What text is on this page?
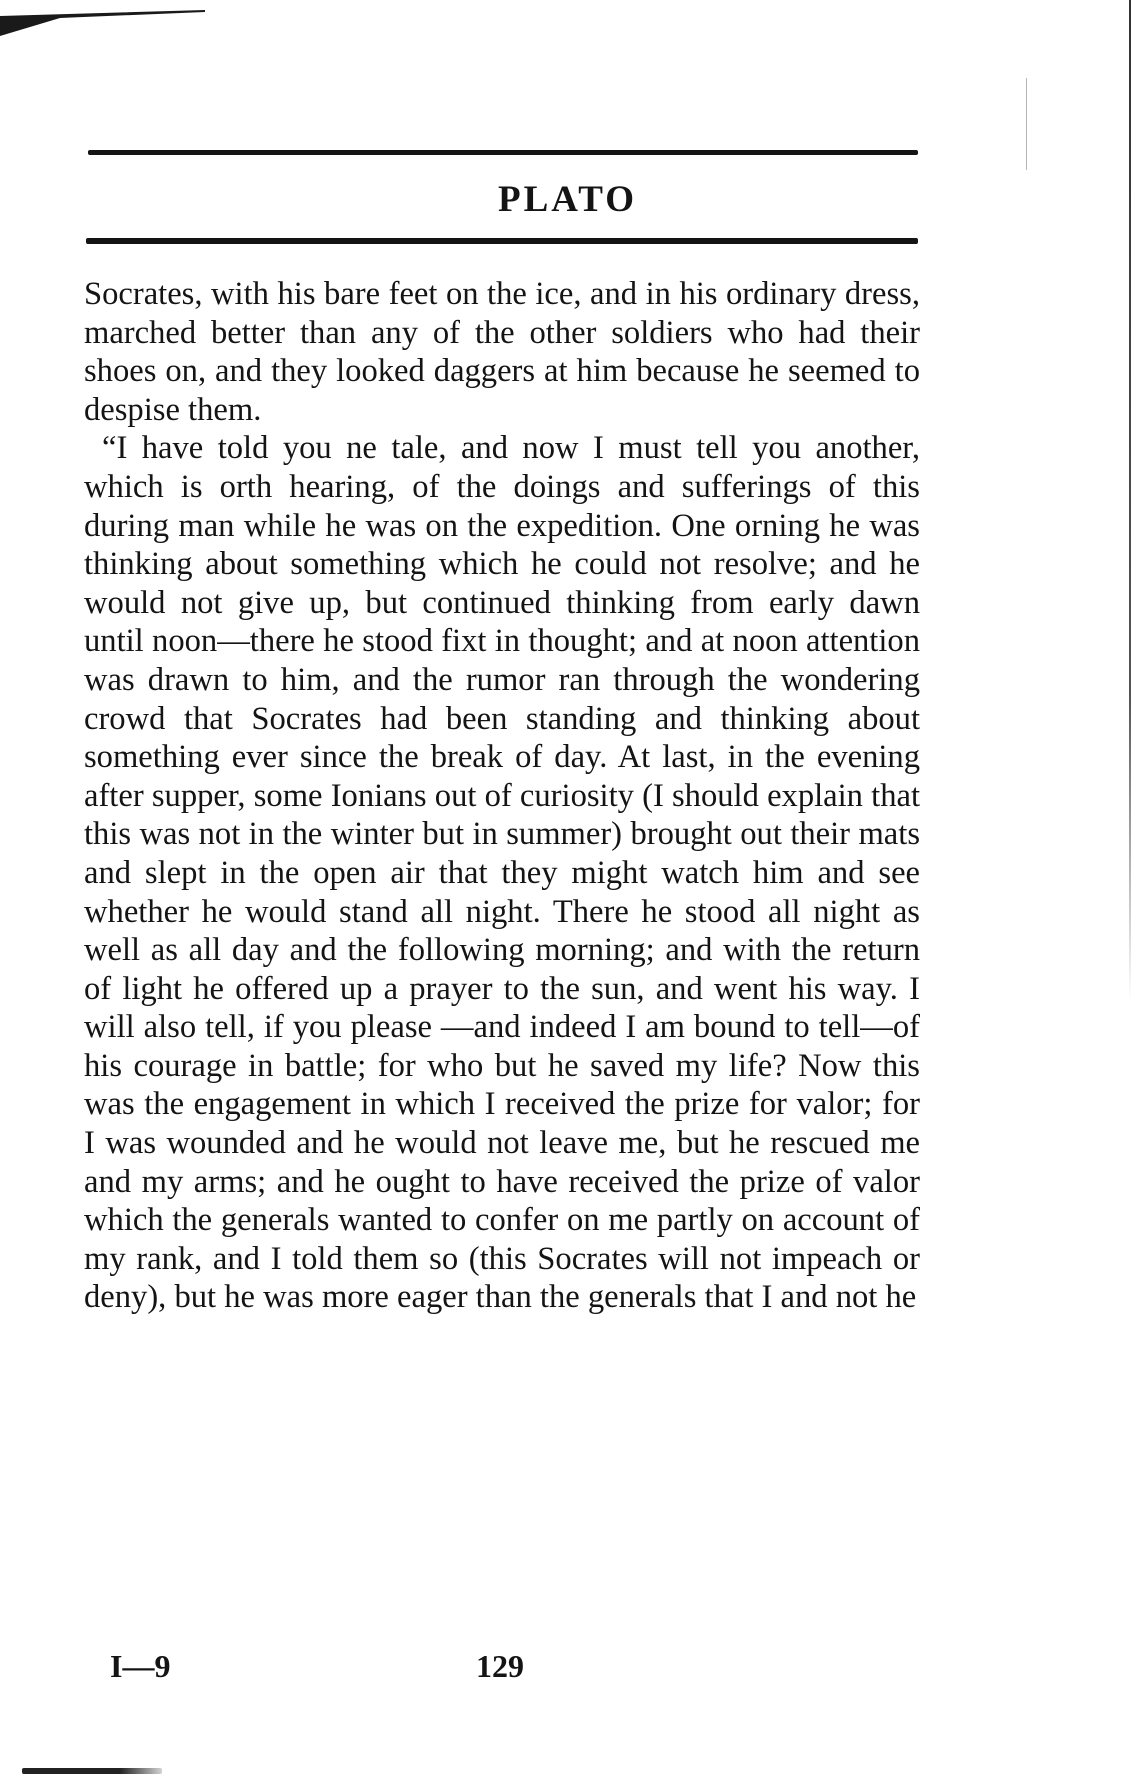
PLATO

Socrates, with his bare feet on the ice, and in his ordinary dress, marched better than any of the other soldiers who had their shoes on, and they looked daggers at him because he seemed to despise them.

“I have told you ne tale, and now I must tell you another, which is orth hearing, of the doings and sufferings of this during man while he was on the expedition. One orning he was thinking about something which he could not resolve; and he would not give up, but continued thinking from early dawn until noon—there he stood fixt in thought; and at noon attention was drawn to him, and the rumor ran through the wondering crowd that Socrates had been standing and thinking about something ever since the break of day. At last, in the evening after supper, some Ionians out of curiosity (I should explain that this was not in the winter but in summer) brought out their mats and slept in the open air that they might watch him and see whether he would stand all night. There he stood all night as well as all day and the following morning; and with the return of light he offered up a prayer to the sun, and went his way. I will also tell, if you please —and indeed I am bound to tell—of his courage in battle; for who but he saved my life? Now this was the engagement in which I received the prize for valor; for I was wounded and he would not leave me, but he rescued me and my arms; and he ought to have received the prize of valor which the generals wanted to confer on me partly on account of my rank, and I told them so (this Socrates will not impeach or deny), but he was more eager than the generals that I and not he

I—9	129
